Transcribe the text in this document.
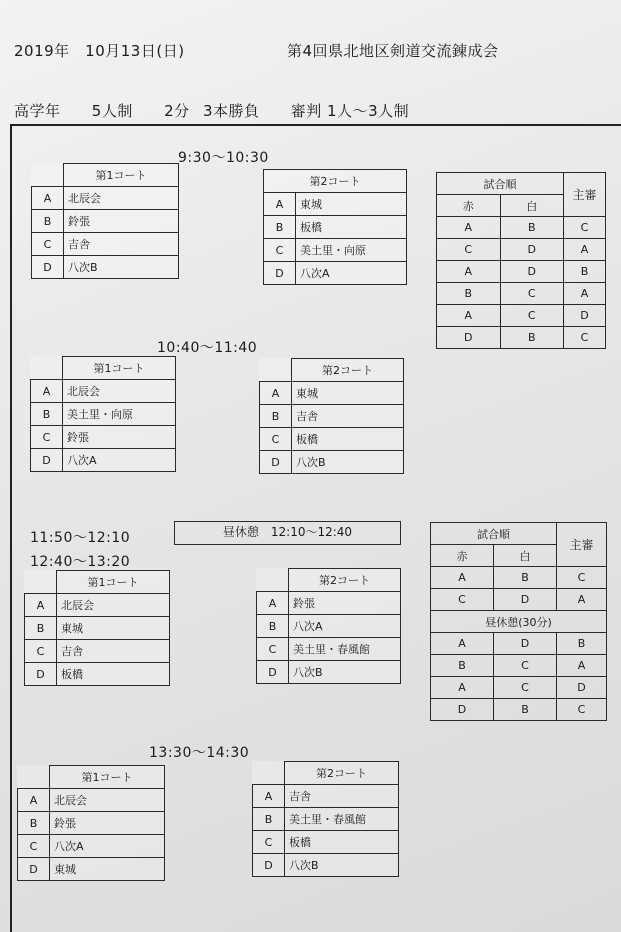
2019年　10月13日(日)	第4回県北地区剣道交流錬成会
高学年 5人制 2分 3本勝負 審判 1人～3人制
9:30～10:30
	第1コート
A	北辰会
B	鈴張
C	吉舎
D	八次B
第2コート	
A	東城
B	板橋
C	美土里・向原
D	八次A
試合順		主審
赤	白	
A	B	C
C	D	A
A	D	B
B	C	A
A	C	D
D	B	C
10:40～11:40
	第1コート
A	北辰会
B	美土里・向原
C	鈴張
D	八次A
	第2コート
A	東城
B	吉舎
C	板橋
D	八次B
11:50～12:10	昼休憩　12:10～12:40
12:40～13:20
	第1コート
A	北辰会
B	東城
C	吉舎
D	板橋
	第2コート
A	鈴張
B	八次A
C	美土里・春風館
D	八次B
試合順		主審
赤	白	
A	B	C
C	D	A
昼休憩(30分)		
A	D	B
B	C	A
A	C	D
D	B	C
13:30～14:30
	第1コート
A	北辰会
B	鈴張
C	八次A
D	東城
	第2コート
A	吉舎
B	美土里・春風館
C	板橋
D	八次B
